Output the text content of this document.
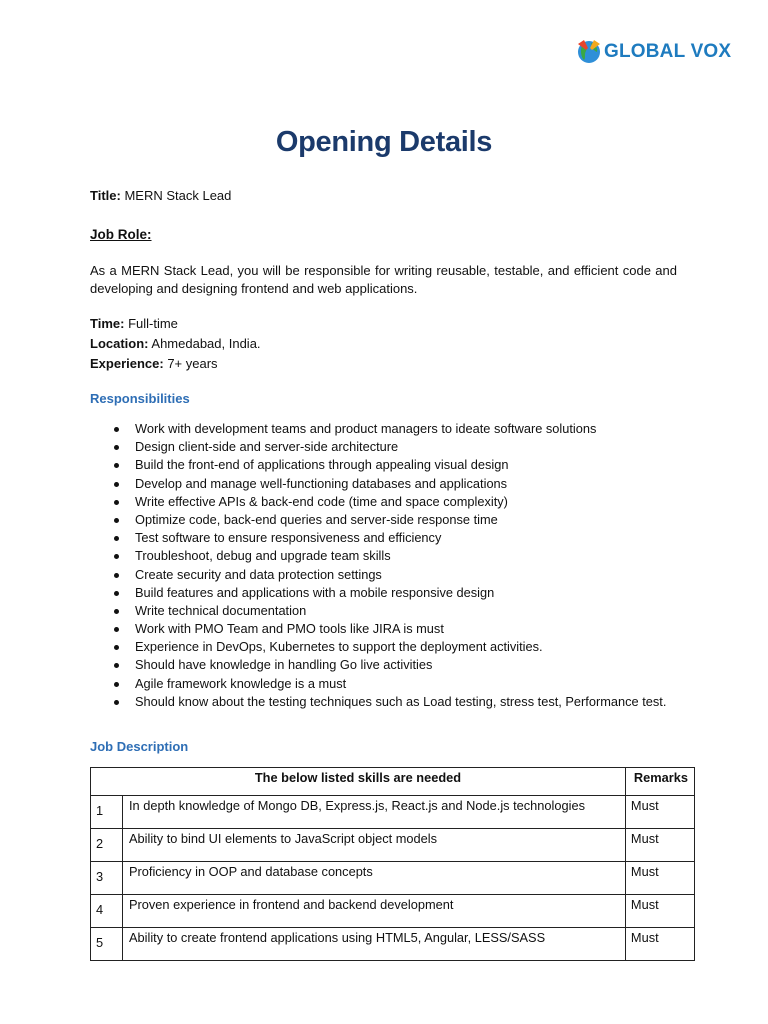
GLOBAL VOX
Opening Details
Title: MERN Stack Lead
Job Role:
As a MERN Stack Lead, you will be responsible for writing reusable, testable, and efficient code and developing and designing frontend and web applications.
Time: Full-time
Location: Ahmedabad, India.
Experience: 7+ years
Responsibilities
Work with development teams and product managers to ideate software solutions
Design client-side and server-side architecture
Build the front-end of applications through appealing visual design
Develop and manage well-functioning databases and applications
Write effective APIs & back-end code (time and space complexity)
Optimize code, back-end queries and server-side response time
Test software to ensure responsiveness and efficiency
Troubleshoot, debug and upgrade team skills
Create security and data protection settings
Build features and applications with a mobile responsive design
Write technical documentation
Work with PMO Team and PMO tools like JIRA is must
Experience in DevOps, Kubernetes to support the deployment activities.
Should have knowledge in handling Go live activities
Agile framework knowledge is a must
Should know about the testing techniques such as Load testing, stress test, Performance test.
Job Description
The below listed skills are needed		Remarks
1	In depth knowledge of Mongo DB, Express.js, React.js and Node.js technologies	Must
2	Ability to bind UI elements to JavaScript object models	Must
3	Proficiency in OOP and database concepts	Must
4	Proven experience in frontend and backend development	Must
5	Ability to create frontend applications using HTML5, Angular, LESS/SASS	Must
